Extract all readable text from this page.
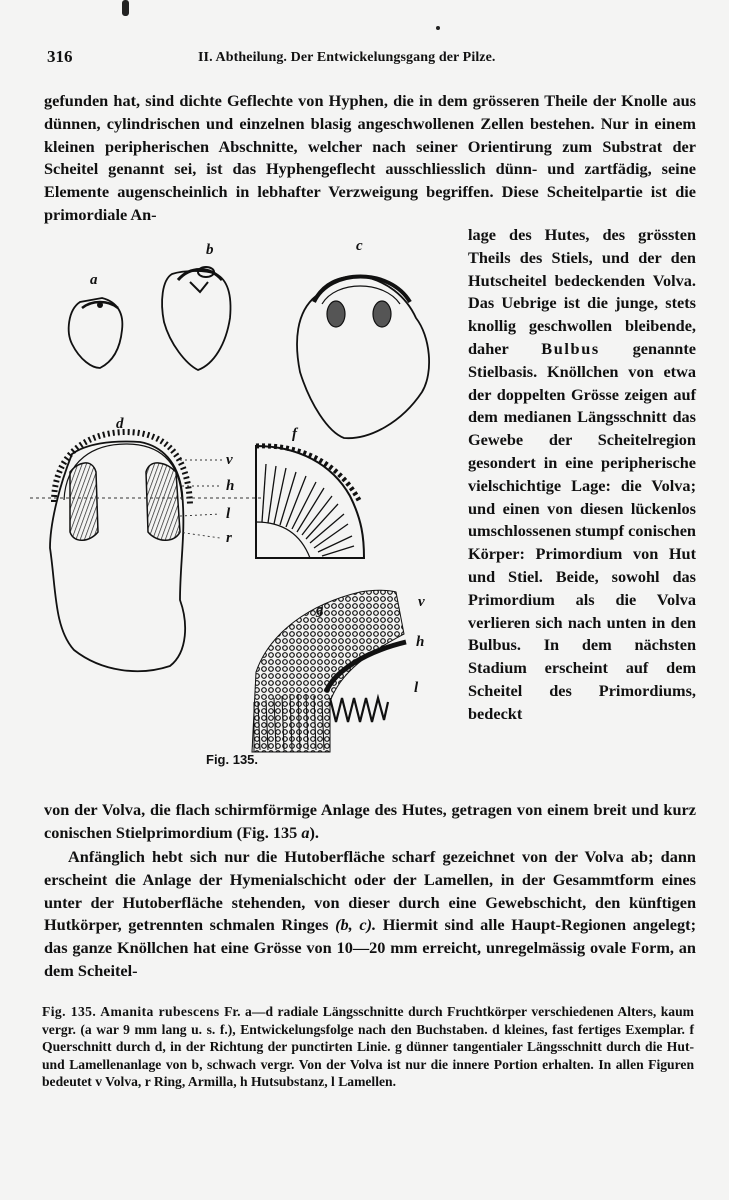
316	II. Abtheilung. Der Entwickelungsgang der Pilze.
gefunden hat, sind dichte Geflechte von Hyphen, die in dem grösseren Theile der Knolle aus dünnen, cylindrischen und einzelnen blasig angeschwollenen Zellen bestehen. Nur in einem kleinen peripherischen Abschnitte, welcher nach seiner Orientirung zum Substrat der Scheitel genannt sei, ist das Hyphengeflecht ausschliesslich dünn- und zartfädig, seine Elemente augenscheinlich in lebhafter Verzweigung begriffen. Diese Scheitelpartie ist die primordiale An-
lage des Hutes, des grössten Theils des Stiels, und der den Hutscheitel bedeckenden Volva. Das Uebrige ist die junge, stets knollig geschwollen bleibende, daher Bulbus genannte Stielbasis. Knöllchen von etwa der doppelten Grösse zeigen auf dem medianen Längsschnitt das Gewebe der Scheitelregion gesondert in eine peripherische vielschichtige Lage: die Volva; und einen von diesen lückenlos umschlossenen stumpf conischen Körper: Primordium von Hut und Stiel. Beide, sowohl das Primordium als die Volva verlieren sich nach unten in den Bulbus. In dem nächsten Stadium erscheint auf dem Scheitel des Primordiums, bedeckt
a
b	c
d
f
v
h
l
r
g	v
h
l
Fig. 135.
von der Volva, die flach schirmförmige Anlage des Hutes, getragen von einem breit und kurz conischen Stielprimordium (Fig. 135 a).
Anfänglich hebt sich nur die Hutoberfläche scharf gezeichnet von der Volva ab; dann erscheint die Anlage der Hymenialschicht oder der Lamellen, in der Gesammtform eines unter der Hutoberfläche stehenden, von dieser durch eine Gewebschicht, den künftigen Hutkörper, getrennten schmalen Ringes (b, c). Hiermit sind alle Haupt-Regionen angelegt; das ganze Knöllchen hat eine Grösse von 10—20 mm erreicht, unregelmässig ovale Form, an dem Scheitel-
Fig. 135. Amanita rubescens Fr. a—d radiale Längsschnitte durch Fruchtkörper verschiedenen Alters, kaum vergr. (a war 9 mm lang u. s. f.), Entwickelungsfolge nach den Buchstaben. d kleines, fast fertiges Exemplar. f Querschnitt durch d, in der Richtung der punctirten Linie. g dünner tangentialer Längsschnitt durch die Hut- und Lamellenanlage von b, schwach vergr. Von der Volva ist nur die innere Portion erhalten. In allen Figuren bedeutet v Volva, r Ring, Armilla, h Hutsubstanz, l Lamellen.
